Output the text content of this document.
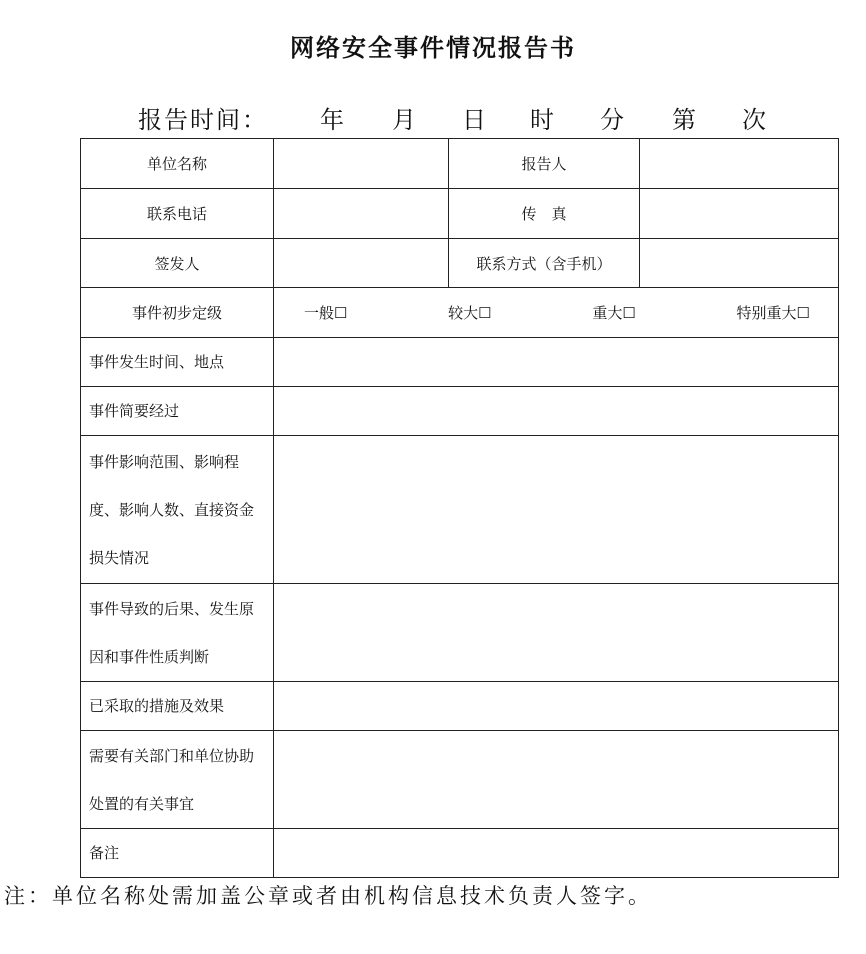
网络安全事件情况报告书
报告时间： 年 月 日 时 分 第 次
单位名称		报告人	
联系电话		传　真	
签发人		联系方式（含手机）	
事件初步定级	一般☐ 较大☐ 重大☐ 特别重大☐		

事件发生时间、地点			
事件简要经过			
事件影响范围、影响程度、影响人数、直接资金损失情况			
事件导致的后果、发生原因和事件性质判断			
已采取的措施及效果			
需要有关部门和单位协助处置的有关事宜			
备注			
注：单位名称处需加盖公章或者由机构信息技术负责人签字。
